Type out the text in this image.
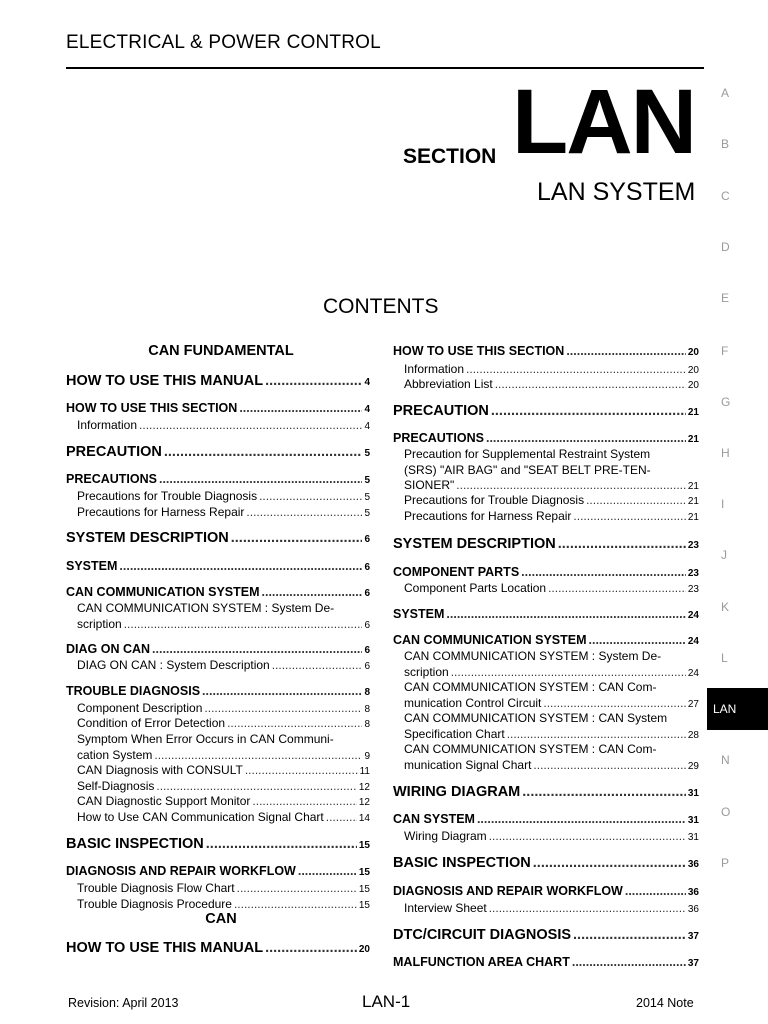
ELECTRICAL & POWER CONTROL
SECTION LAN
LAN SYSTEM
CONTENTS
CAN FUNDAMENTAL
CAN
HOW TO USE THIS MANUAL .....	4
HOW TO USE THIS SECTION .....	4
Information .....	4
PRECAUTION .....	5
PRECAUTIONS .....	5
Precautions for Trouble Diagnosis .....	5
Precautions for Harness Repair .....	5
SYSTEM DESCRIPTION .....	6
SYSTEM .....	6
CAN COMMUNICATION SYSTEM .....	6
CAN COMMUNICATION SYSTEM : System De-
scription .....	6
DIAG ON CAN .....	6
DIAG ON CAN : System Description .....	6
TROUBLE DIAGNOSIS .....	8
Component Description .....	8
Condition of Error Detection .....	8
Symptom When Error Occurs in CAN Communi-
cation System .....	9
CAN Diagnosis with CONSULT .....	11
Self-Diagnosis .....	12
CAN Diagnostic Support Monitor .....	12
How to Use CAN Communication Signal Chart .....	14
BASIC INSPECTION .....	15
DIAGNOSIS AND REPAIR WORKFLOW .....	15
Trouble Diagnosis Flow Chart .....	15
Trouble Diagnosis Procedure .....	15
HOW TO USE THIS MANUAL .....	20
HOW TO USE THIS SECTION .....	20
Information .....	20
Abbreviation List .....	20
PRECAUTION .....	21
PRECAUTIONS .....	21
Precaution for Supplemental Restraint System
(SRS) "AIR BAG" and "SEAT BELT PRE-TEN-
SIONER" .....	21
Precautions for Trouble Diagnosis .....	21
Precautions for Harness Repair .....	21
SYSTEM DESCRIPTION .....	23
COMPONENT PARTS .....	23
Component Parts Location .....	23
SYSTEM .....	24
CAN COMMUNICATION SYSTEM .....	24
CAN COMMUNICATION SYSTEM : System De-
scription .....	24
CAN COMMUNICATION SYSTEM : CAN Com-
munication Control Circuit .....	27
CAN COMMUNICATION SYSTEM : CAN System
Specification Chart .....	28
CAN COMMUNICATION SYSTEM : CAN Com-
munication Signal Chart .....	29
WIRING DIAGRAM .....	31
CAN SYSTEM .....	31
Wiring Diagram .....	31
BASIC INSPECTION .....	36
DIAGNOSIS AND REPAIR WORKFLOW .....	36
Interview Sheet .....	36
DTC/CIRCUIT DIAGNOSIS .....	37
MALFUNCTION AREA CHART .....	37
A
B
C
D
E
F
G
H
I
J
K
L
LAN
N
O
P
Revision: April 2013	LAN-1	2014 Note
